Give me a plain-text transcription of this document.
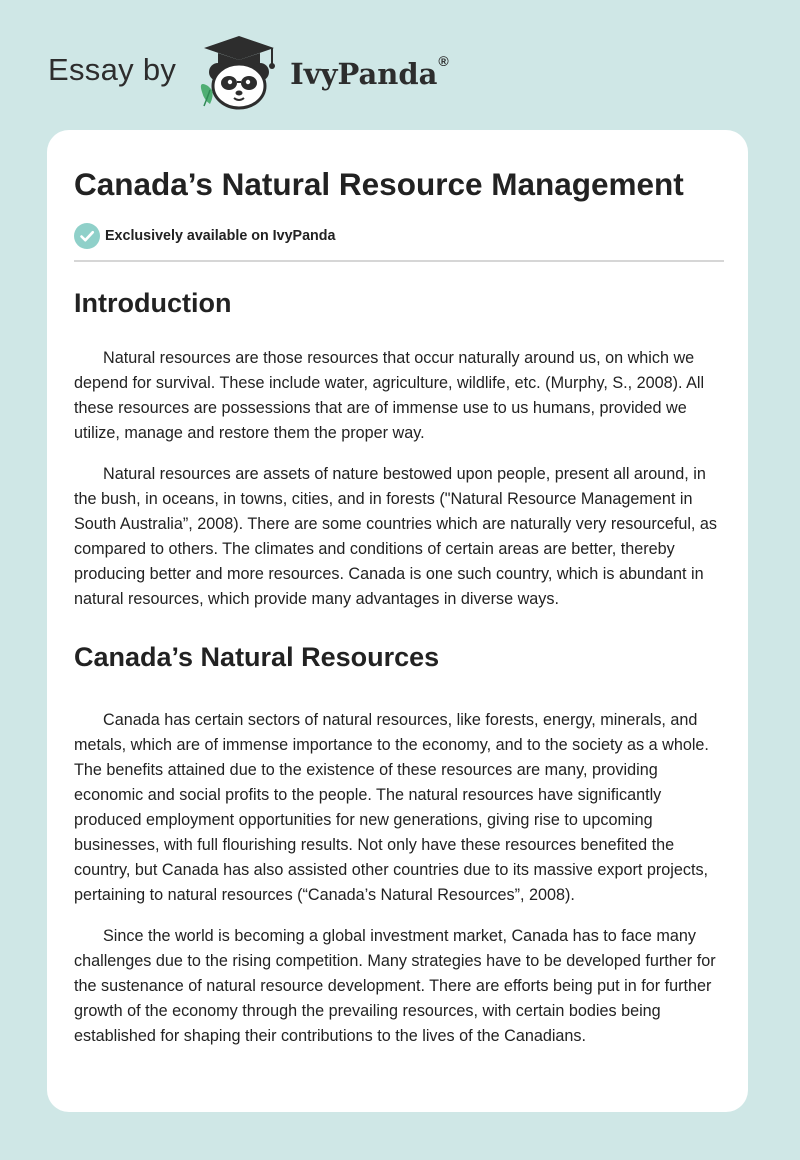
Essay by	IvyPanda®
Canada’s Natural Resource Management
Exclusively available on IvyPanda
Introduction

Natural resources are those resources that occur naturally around us, on which we depend for survival. These include water, agriculture, wildlife, etc. (Murphy, S., 2008). All these resources are possessions that are of immense use to us humans, provided we utilize, manage and restore them the proper way.

Natural resources are assets of nature bestowed upon people, present all around, in the bush, in oceans, in towns, cities, and in forests ("Natural Resource Management in South Australia”, 2008). There are some countries which are naturally very resourceful, as compared to others. The climates and conditions of certain areas are better, thereby producing better and more resources. Canada is one such country, which is abundant in natural resources, which provide many advantages in diverse ways.

Canada’s Natural Resources

Canada has certain sectors of natural resources, like forests, energy, minerals, and metals, which are of immense importance to the economy, and to the society as a whole. The benefits attained due to the existence of these resources are many, providing economic and social profits to the people. The natural resources have significantly produced employment opportunities for new generations, giving rise to upcoming businesses, with full flourishing results. Not only have these resources benefited the country, but Canada has also assisted other countries due to its massive export projects, pertaining to natural resources (“Canada’s Natural Resources”, 2008).

Since the world is becoming a global investment market, Canada has to face many challenges due to the rising competition. Many strategies have to be developed further for the sustenance of natural resource development. There are efforts being put in for further growth of the economy through the prevailing resources, with certain bodies being established for shaping their contributions to the lives of the Canadians.
